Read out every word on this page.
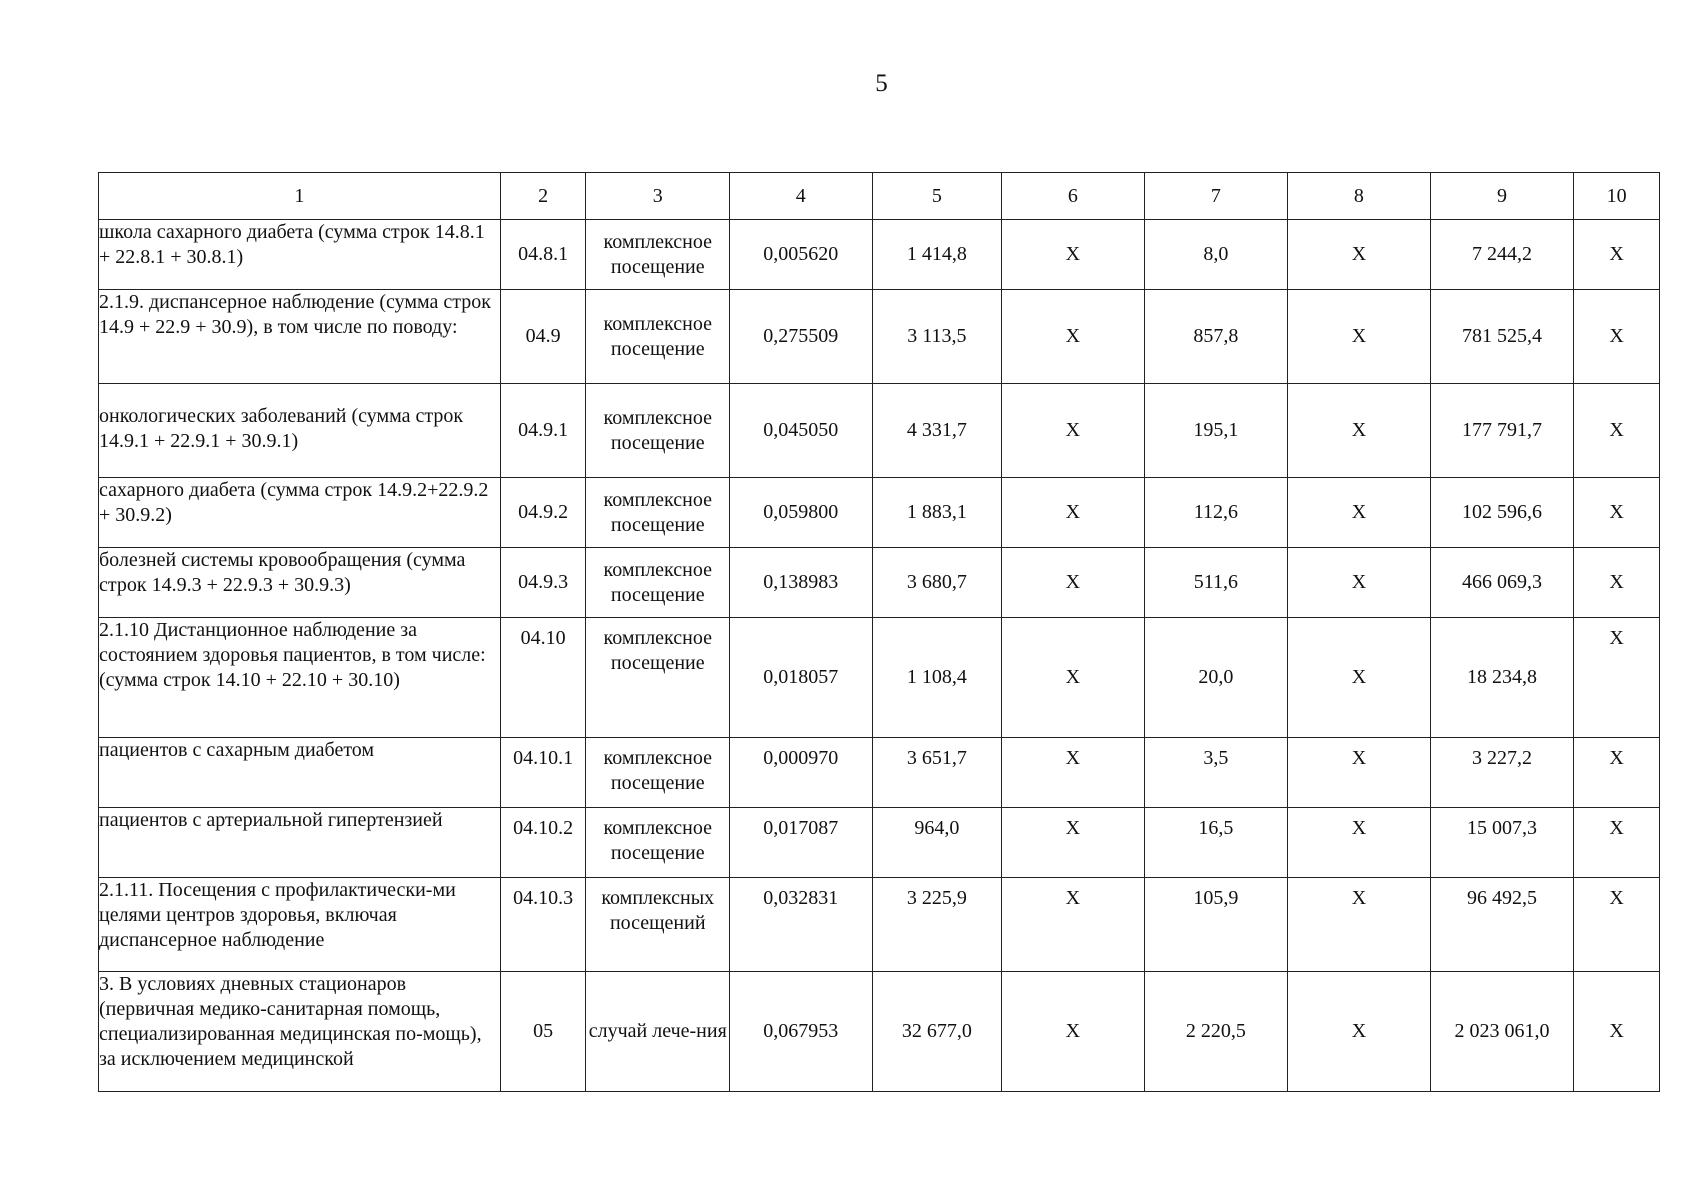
5
1	2	3	4	5	6	7	8	9	10
школа сахарного диабета (сумма строк 14.8.1 + 22.8.1 + 30.8.1)	04.8.1	комплексное посещение	0,005620	1 414,8	Х	8,0	Х	7 244,2	Х
2.1.9. диспансерное наблюдение (сумма строк 14.9 + 22.9 + 30.9), в том числе по поводу:	04.9	комплексное посещение	0,275509	3 113,5	Х	857,8	Х	781 525,4	Х
онкологических заболеваний (сумма строк 14.9.1 + 22.9.1 + 30.9.1)	04.9.1	комплексное посещение	0,045050	4 331,7	Х	195,1	Х	177 791,7	Х
сахарного диабета (сумма строк 14.9.2+22.9.2 + 30.9.2)	04.9.2	комплексное посещение	0,059800	1 883,1	Х	112,6	Х	102 596,6	Х
болезней системы кровообращения (сумма строк 14.9.3 + 22.9.3 + 30.9.3)	04.9.3	комплексное посещение	0,138983	3 680,7	Х	511,6	Х	466 069,3	Х
2.1.10 Дистанционное наблюдение за состоянием здоровья пациентов, в том числе: (сумма строк 14.10 + 22.10 + 30.10)	04.10	комплексное посещение	0,018057	1 108,4	Х	20,0	Х	18 234,8	Х
пациентов с сахарным диабетом	04.10.1	комплексное посещение	0,000970	3 651,7	Х	3,5	Х	3 227,2	Х
пациентов с артериальной гипертензией	04.10.2	комплексное посещение	0,017087	964,0	Х	16,5	Х	15 007,3	Х
2.1.11. Посещения с профилактически-ми целями центров здоровья, включая диспансерное наблюдение	04.10.3	комплексных посещений	0,032831	3 225,9	Х	105,9	Х	96 492,5	Х
3. В условиях дневных стационаров (первичная медико-санитарная помощь, специализированная медицинская по-мощь), за исключением медицинской	05	случай лече-ния	0,067953	32 677,0	Х	2 220,5	Х	2 023 061,0	Х
